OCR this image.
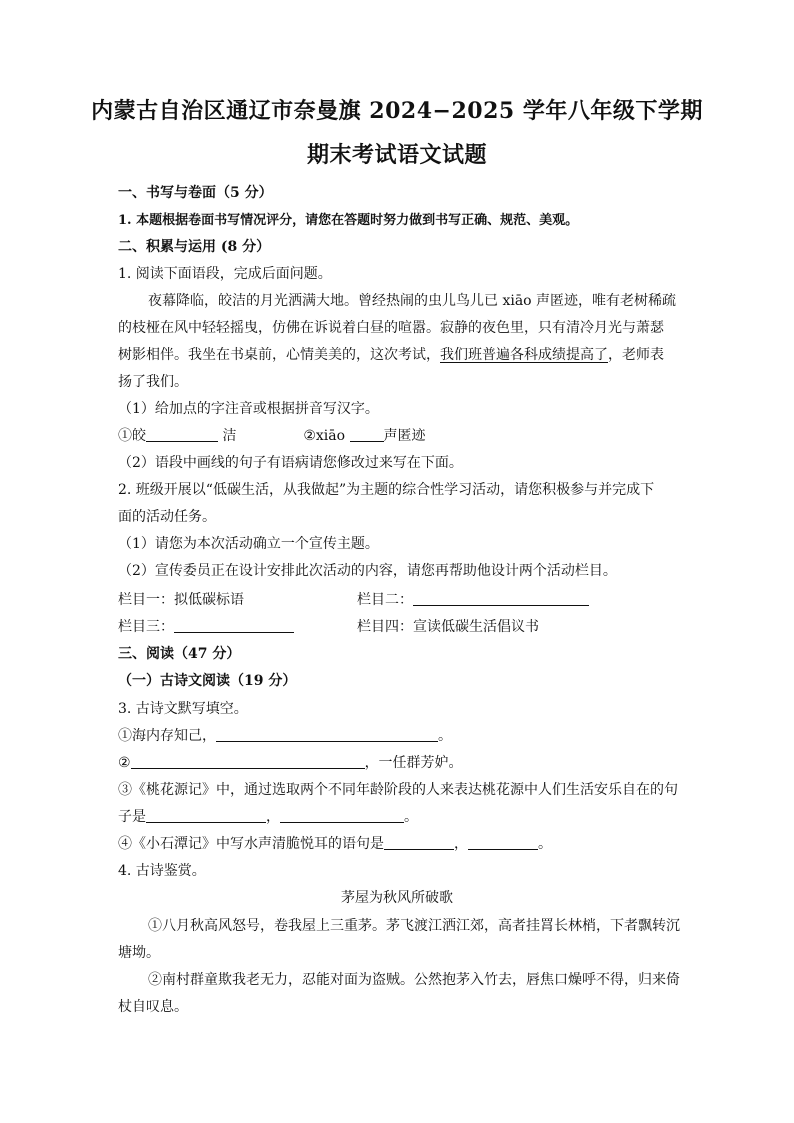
内蒙古自治区通辽市奈曼旗 2024−2025 学年八年级下学期
期末考试语文试题
一、书写与卷面（5 分）
1. 本题根据卷面书写情况评分，请您在答题时努力做到书写正确、规范、美观。
二、积累与运用 (8 分）
1. 阅读下面语段，完成后面问题。
夜幕降临，皎洁的月光洒满大地。曾经热闹的虫儿鸟儿已 xiāo 声匿迹，唯有老树稀疏
的枝桠在风中轻轻摇曳，仿佛在诉说着白昼的喧嚣。寂静的夜色里，只有清冷月光与萧瑟
树影相伴。我坐在书桌前，心情美美的，这次考试，我们班普遍各科成绩提高了，老师表
扬了我们。
（1）给加点的字注音或根据拼音写汉字。
①皎	洁	②xiāo	声匿迹
（2）语段中画线的句子有语病请您修改过来写在下面。
2. 班级开展以“低碳生活，从我做起”为主题的综合性学习活动，请您积极参与并完成下
面的活动任务。
（1）请您为本次活动确立一个宣传主题。
（2）宣传委员正在设计安排此次活动的内容，请您再帮助他设计两个活动栏目。
栏目一：拟低碳标语	栏目二：
栏目三：	栏目四：宣读低碳生活倡议书
三、阅读（47 分）
（一）古诗文阅读（19 分）
3. 古诗文默写填空。
①海内存知己，	。
②	，一任群芳妒。
③《桃花源记》中，通过选取两个不同年龄阶段的人来表达桃花源中人们生活安乐自在的句
子是	，	。
④《小石潭记》中写水声清脆悦耳的语句是	，	。
4. 古诗鉴赏。
茅屋为秋风所破歌
①八月秋高风怒号，卷我屋上三重茅。茅飞渡江洒江郊，高者挂罥长林梢，下者飘转沉
塘坳。
②南村群童欺我老无力，忍能对面为盗贼。公然抱茅入竹去，唇焦口燥呼不得，归来倚
杖自叹息。
